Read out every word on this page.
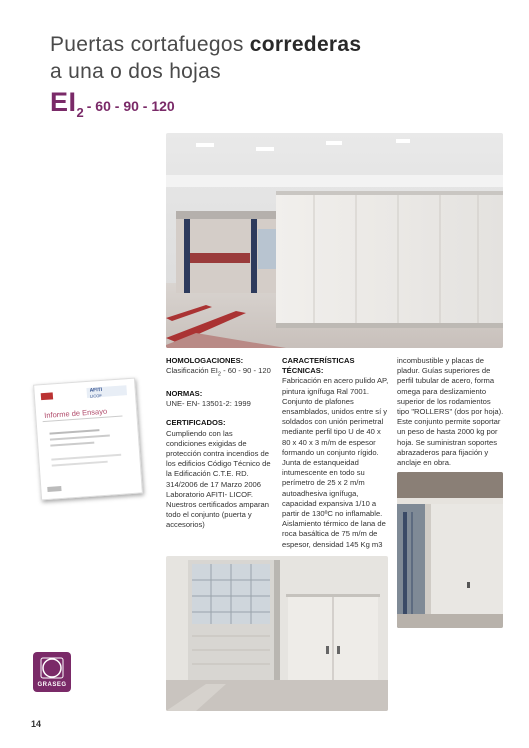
Puertas cortafuegos correderas
a una o dos hojas
$EI_2 - 60 - 90 - 120$
AFITI
LICOF
Informe de Ensayo
HOMOLOGACIONES:

Clasificación $EI_2 - 60 - 90 - 120$

NORMAS:

UNE- EN- 13501-2: 1999

CERTIFICADOS:

Cumpliendo con las condiciones exigidas de protección contra incendios de los edificios Código Técnico de la Edificación C.T.E. RD. 314/2006 de 17 Marzo 2006 Laboratorio AFITI- LICOF. Nuestros certificados amparan todo el conjunto (puerta y accesorios)

CARACTERÍSTICAS TÉCNICAS:

Fabricación en acero pulido AP, pintura ignífuga Ral 7001. Conjunto de plafones ensamblados, unidos entre sí y soldados con unión perimetral mediante perfil tipo U de 40 x 80 x 40 x 3 m/m de espesor formando un conjunto rígido. Junta de estanqueidad intumescente en todo su perímetro de 25 x 2 m/m autoadhesiva ignífuga, capacidad expansiva 1/10 a partir de 130ºC no inflamable. Aislamiento térmico de lana de roca basáltica de 75 m/m de espesor, densidad 145 Kg m3

incombustible y placas de pladur. Guías superiores de perfil tubular de acero, forma omega para deslizamiento superior de los rodamientos tipo "ROLLERS" (dos por hoja). Este conjunto permite soportar un peso de hasta 2000 kg por hoja. Se suministran soportes abrazaderos para fijación y anclaje en obra.

GRASEG
14
